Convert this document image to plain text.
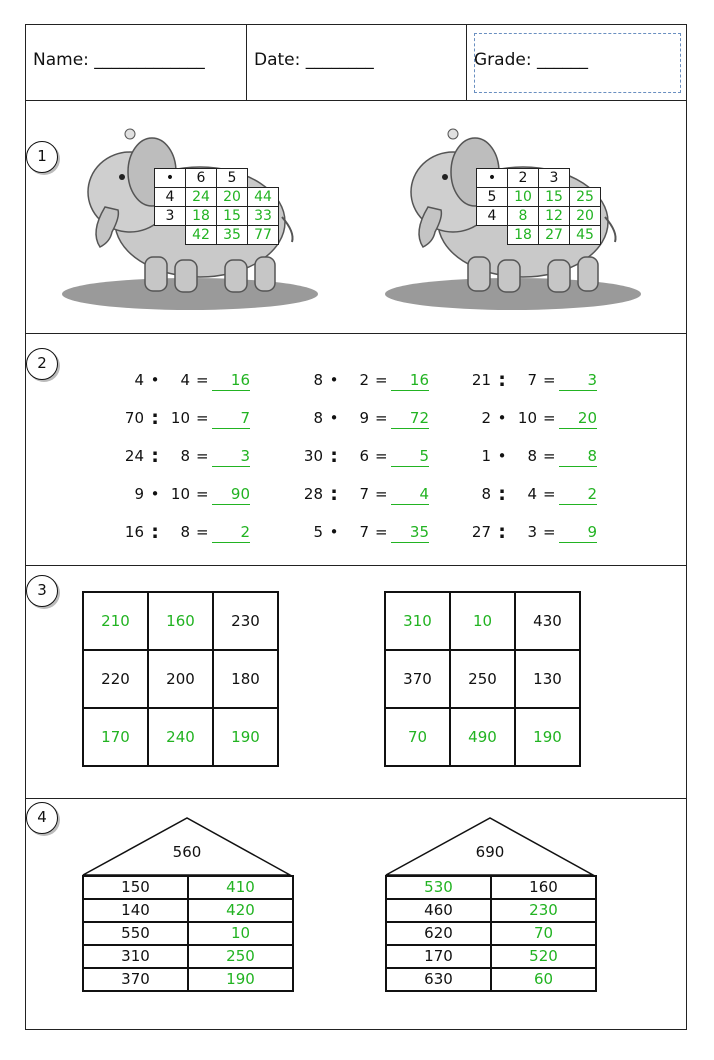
Name: _____________	Date: ________	Grade: ______
1
2
3
4
•	6	5	
4	24	20	44
3	18	15	33
	42	35	77
•	2	3	
5	10	15	25
4	8	12	20
	18	27	45
4 •	4 =	16	8 •	2 =	16	21 :	7 =	3
70 : 10 =	7	8 •	9 =	72	2 • 10 =	20
24 :	8 =	3	30 :	6 =	5	1 •	8 =	8
9 • 10 =	90	28 :	7 =	4	8 :	4 =	2
16 :	8 =	2	5 •	7 =	35	27 :	3 =	9
210	160	230
220	200	180
170	240	190
310	10	430
370	250	130
70	490	190
560	690
150	410
140	420
550	10
310	250
370	190
530	160
460	230
620	70
170	520
630	60
